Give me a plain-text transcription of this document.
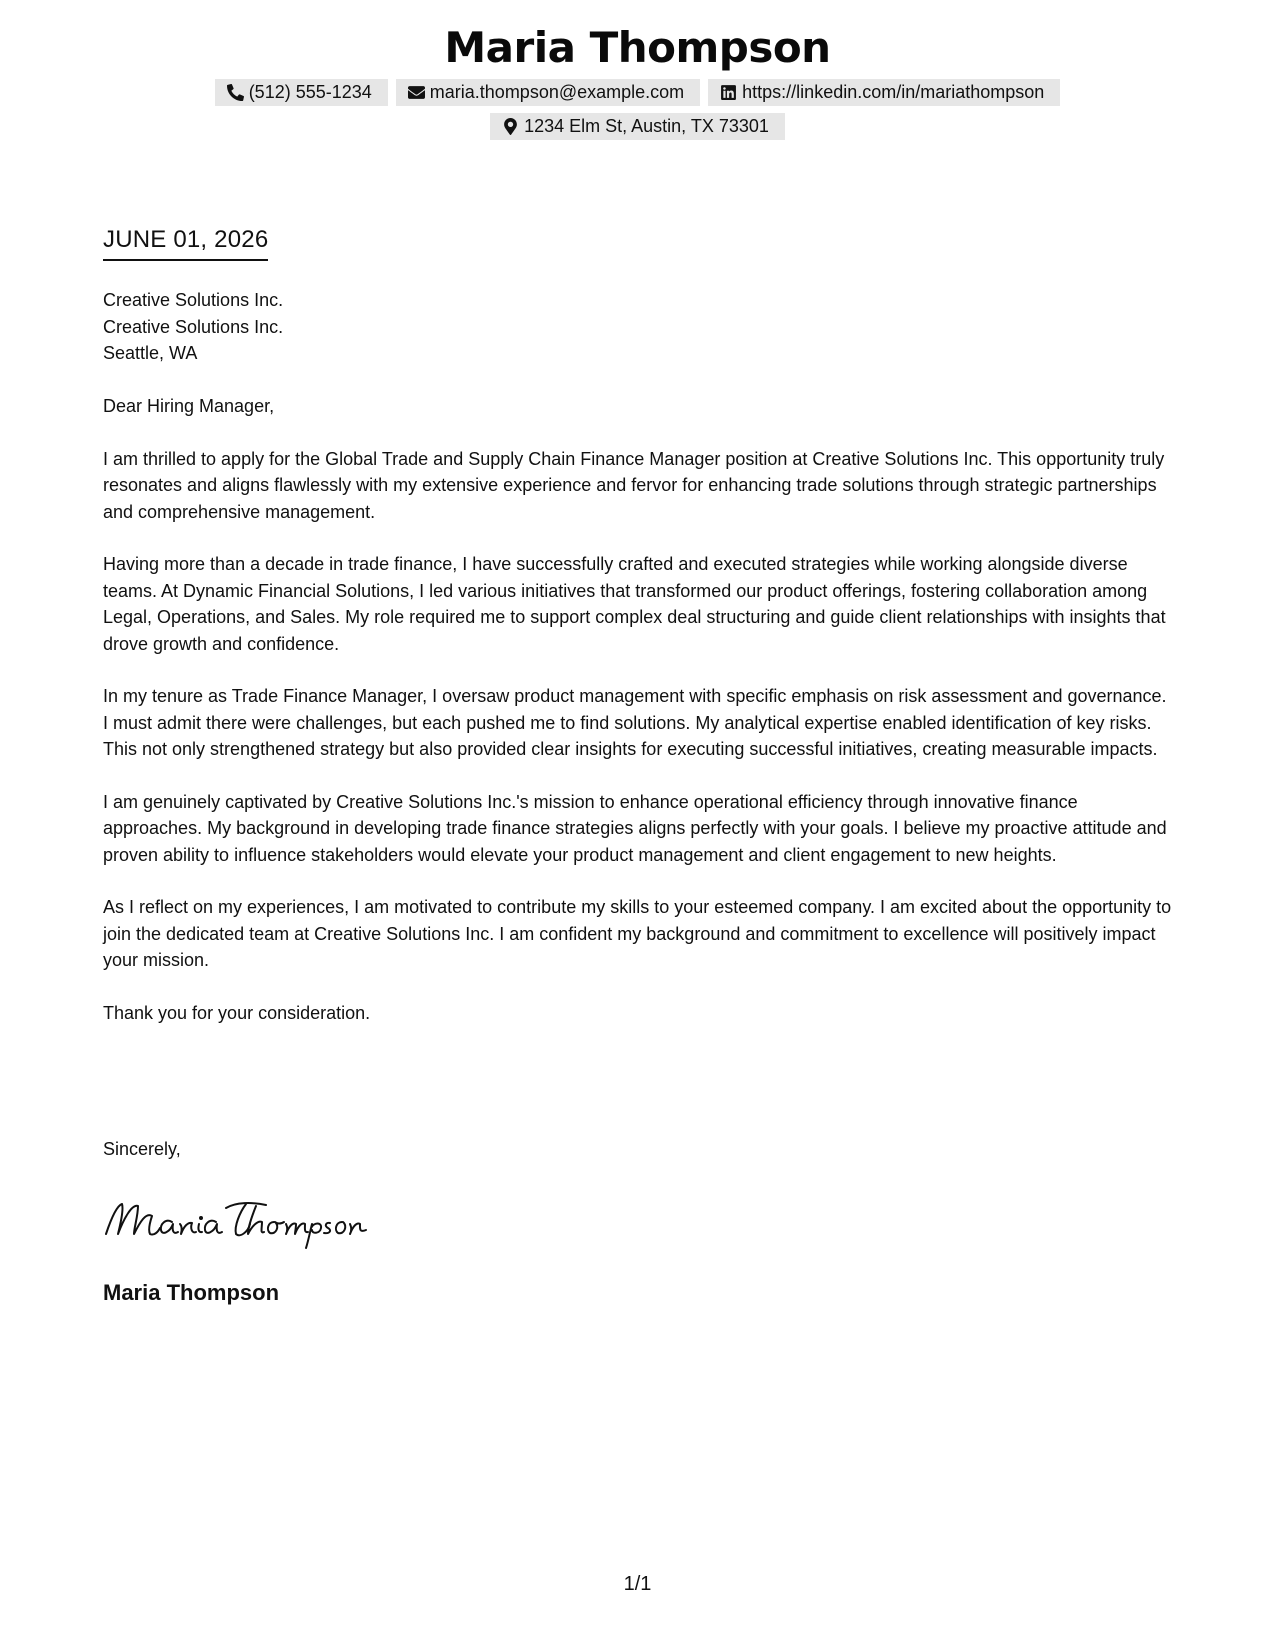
Maria Thompson
(512) 555-1234	maria.thompson@example.com	https://linkedin.com/in/mariathompson
1234 Elm St, Austin, TX 73301
JUNE 01, 2026
Creative Solutions Inc.
Creative Solutions Inc.
Seattle, WA

Dear Hiring Manager,

I am thrilled to apply for the Global Trade and Supply Chain Finance Manager position at Creative Solutions Inc. This opportunity truly resonates and aligns flawlessly with my extensive experience and fervor for enhancing trade solutions through strategic partnerships and comprehensive management.

Having more than a decade in trade finance, I have successfully crafted and executed strategies while working alongside diverse teams. At Dynamic Financial Solutions, I led various initiatives that transformed our product offerings, fostering collaboration among Legal, Operations, and Sales. My role required me to support complex deal structuring and guide client relationships with insights that drove growth and confidence.

In my tenure as Trade Finance Manager, I oversaw product management with specific emphasis on risk assessment and governance. I must admit there were challenges, but each pushed me to find solutions. My analytical expertise enabled identification of key risks. This not only strengthened strategy but also provided clear insights for executing successful initiatives, creating measurable impacts.

I am genuinely captivated by Creative Solutions Inc.'s mission to enhance operational efficiency through innovative finance approaches. My background in developing trade finance strategies aligns perfectly with your goals. I believe my proactive attitude and proven ability to influence stakeholders would elevate your product management and client engagement to new heights.

As I reflect on my experiences, I am motivated to contribute my skills to your esteemed company. I am excited about the opportunity to join the dedicated team at Creative Solutions Inc. I am confident my background and commitment to excellence will positively impact your mission.

Thank you for your consideration.

Sincerely,
Maria Thompson
1/1
